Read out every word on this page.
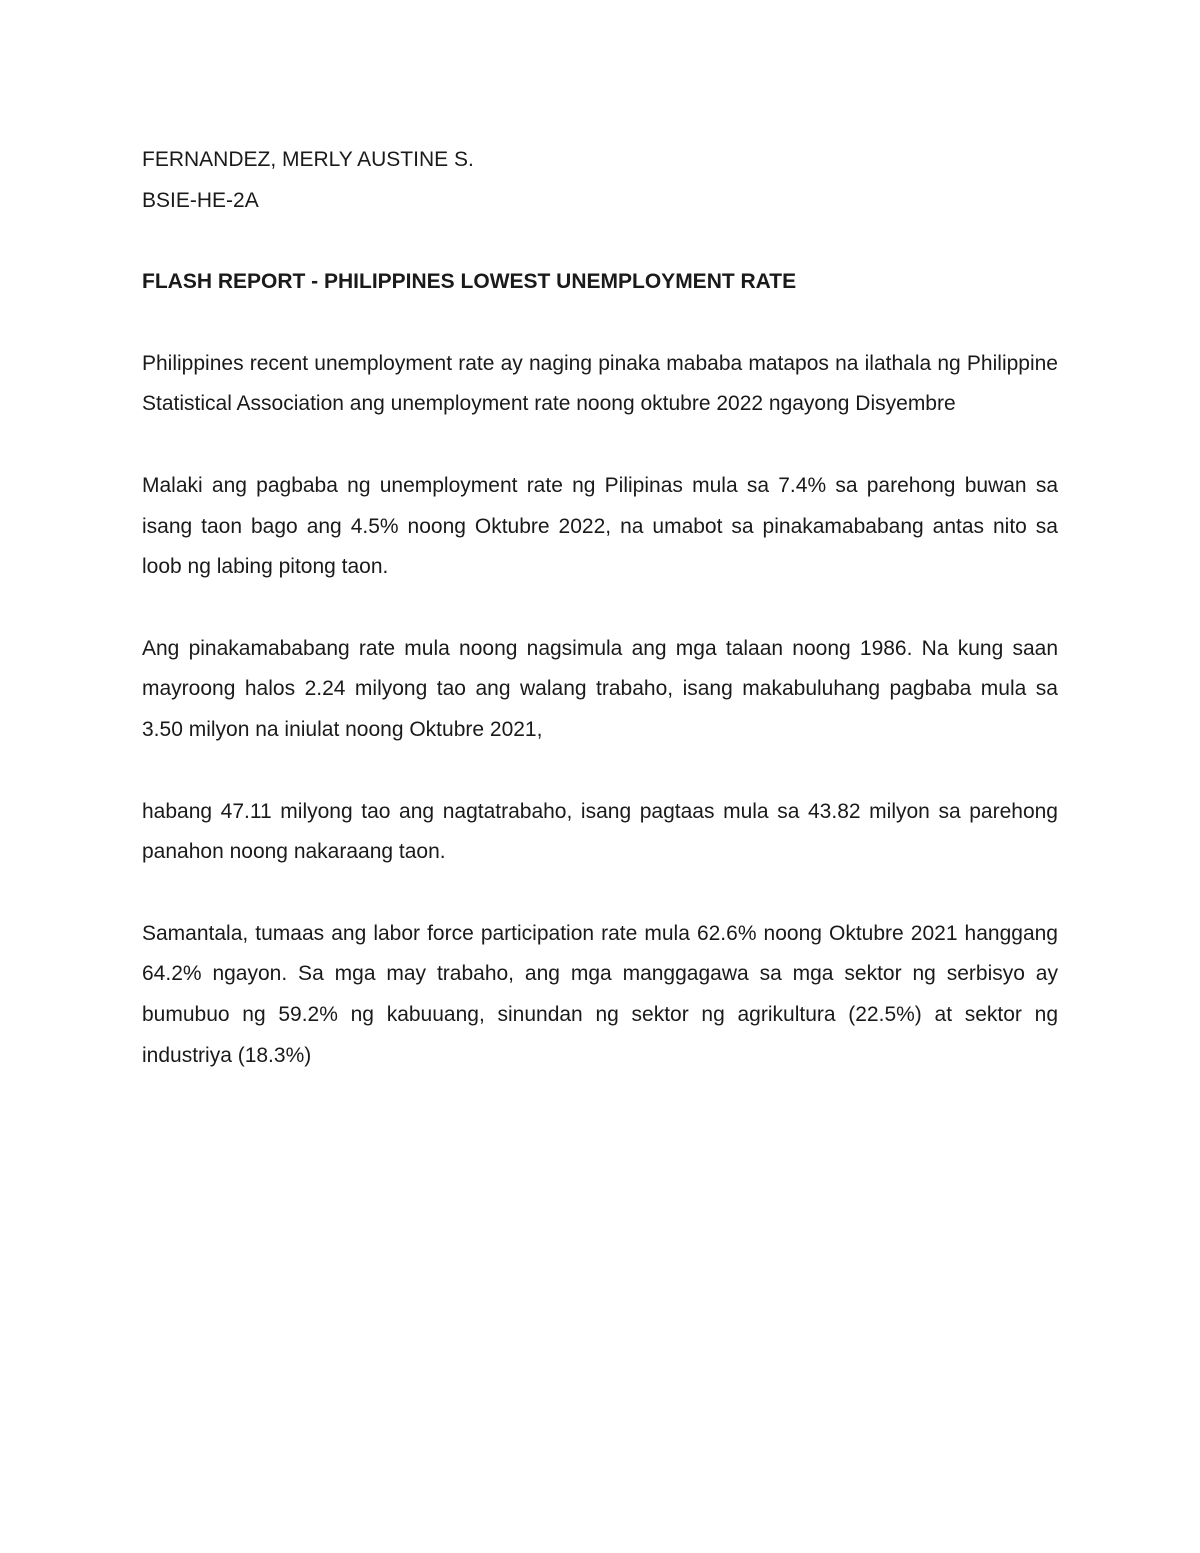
FERNANDEZ, MERLY AUSTINE S.

BSIE-HE-2A

FLASH REPORT - PHILIPPINES LOWEST UNEMPLOYMENT RATE

Philippines recent unemployment rate ay naging pinaka mababa matapos na ilathala ng Philippine Statistical Association ang unemployment rate noong oktubre 2022 ngayong Disyembre

Malaki ang pagbaba ng unemployment rate ng Pilipinas mula sa 7.4% sa parehong buwan sa isang taon bago ang 4.5% noong Oktubre 2022, na umabot sa pinakamababang antas nito sa loob ng labing pitong taon.

Ang pinakamababang rate mula noong nagsimula ang mga talaan noong 1986. Na kung saan mayroong halos 2.24 milyong tao ang walang trabaho, isang makabuluhang pagbaba mula sa 3.50 milyon na iniulat noong Oktubre 2021,

habang 47.11 milyong tao ang nagtatrabaho, isang pagtaas mula sa 43.82 milyon sa parehong panahon noong nakaraang taon.

Samantala, tumaas ang labor force participation rate mula 62.6% noong Oktubre 2021 hanggang 64.2% ngayon. Sa mga may trabaho, ang mga manggagawa sa mga sektor ng serbisyo ay bumubuo ng 59.2% ng kabuuang, sinundan ng sektor ng agrikultura (22.5%) at sektor ng industriya (18.3%)
